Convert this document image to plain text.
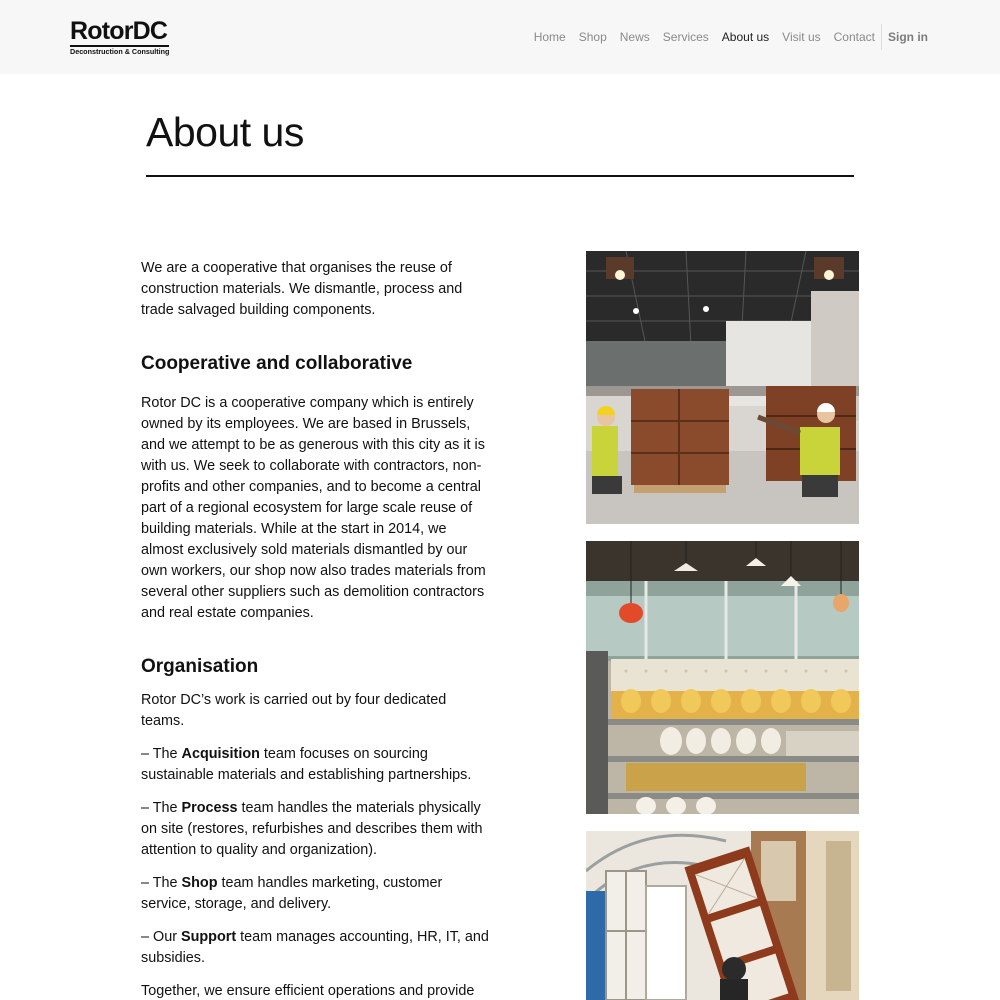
RotorDC
Deconstruction & Consulting
Home Shop News Services About us Visit us Contact Sign in
About us

We are a cooperative that organises the reuse of construction materials. We dismantle, process and trade salvaged building components.

Cooperative and collaborative

Rotor DC is a cooperative company which is entirely owned by its employees. We are based in Brussels, and we attempt to be as generous with this city as it is with us. We seek to collaborate with contractors, non-profits and other companies, and to become a central part of a regional ecosystem for large scale reuse of building materials. While at the start in 2014, we almost exclusively sold materials dismantled by our own workers, our shop now also trades materials from several other suppliers such as demolition contractors and real estate companies.

Organisation

Rotor DC’s work is carried out by four dedicated teams.

– The Acquisition team focuses on sourcing sustainable materials and establishing partnerships.

– The Process team handles the materials physically on site (restores, refurbishes and describes them with attention to quality and organization).

– The Shop team handles marketing, customer service, storage, and delivery.

– Our Support team manages accounting, HR, IT, and subsidies.

Together, we ensure efficient operations and provide
